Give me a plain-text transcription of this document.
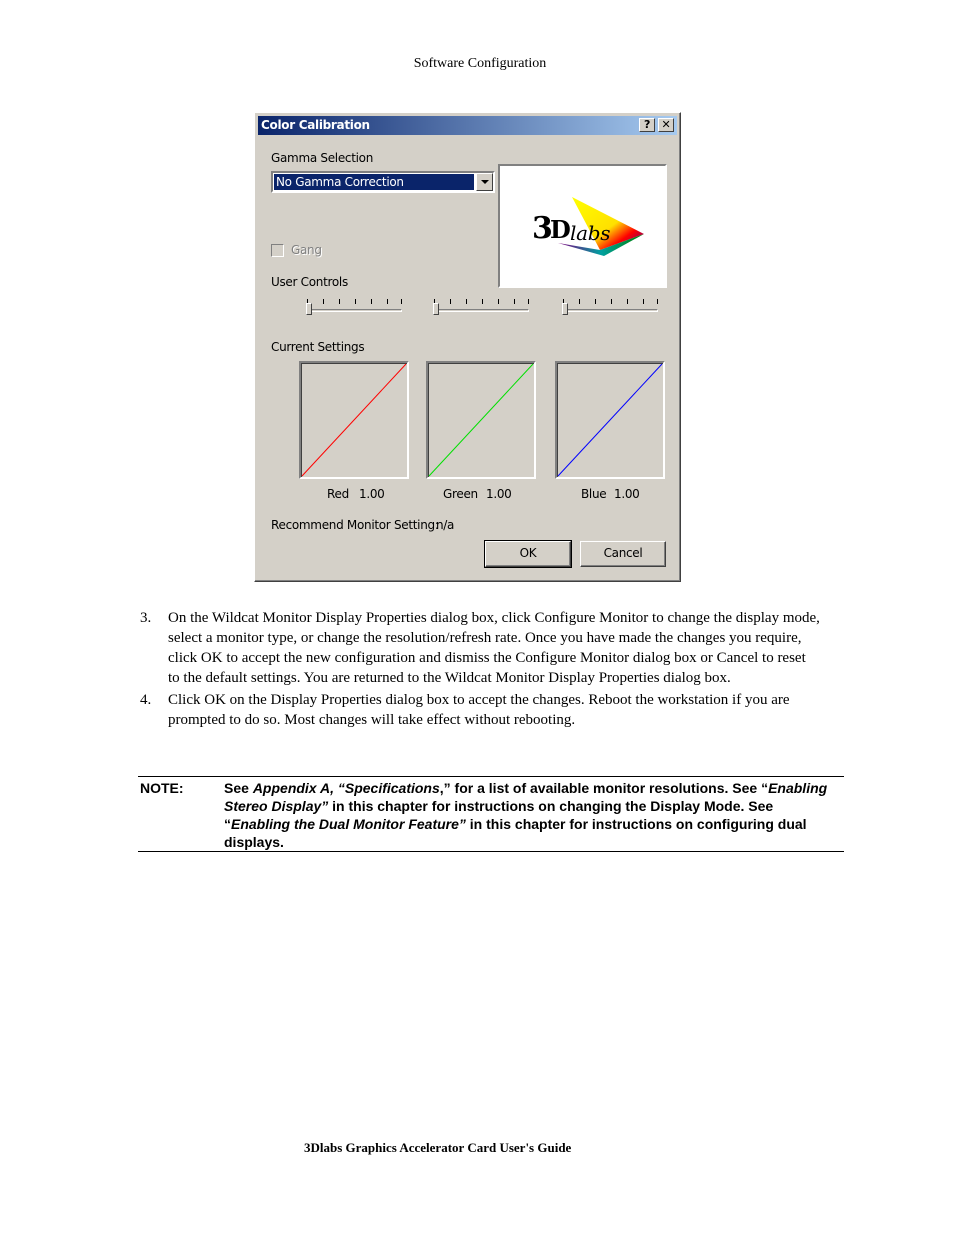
Software Configuration
Color Calibration	?	✕
Gamma Selection
No Gamma Correction
3
D labs
Gang
User Controls
Current Settings
Red 1.00	Green 1.00	Blue 1.00
Recommend Monitor Setting:
n/a
OK	Cancel
3. On the Wildcat Monitor Display Properties dialog box, click Configure Monitor to change the display mode, select a monitor type, or change the resolution/refresh rate. Once you have made the changes you require, click OK to accept the new configuration and dismiss the Configure Monitor dialog box or Cancel to reset to the default settings. You are returned to the Wildcat Monitor Display Properties dialog box.
4. Click OK on the Display Properties dialog box to accept the changes. Reboot the workstation if you are prompted to do so. Most changes will take effect without rebooting.
NOTE:	See Appendix A, “Specifications,” for a list of available monitor resolutions. See “Enabling Stereo Display” in this chapter for instructions on changing the Display Mode. See “Enabling the Dual Monitor Feature” in this chapter for instructions on configuring dual displays.
3Dlabs Graphics Accelerator Card User's Guide
